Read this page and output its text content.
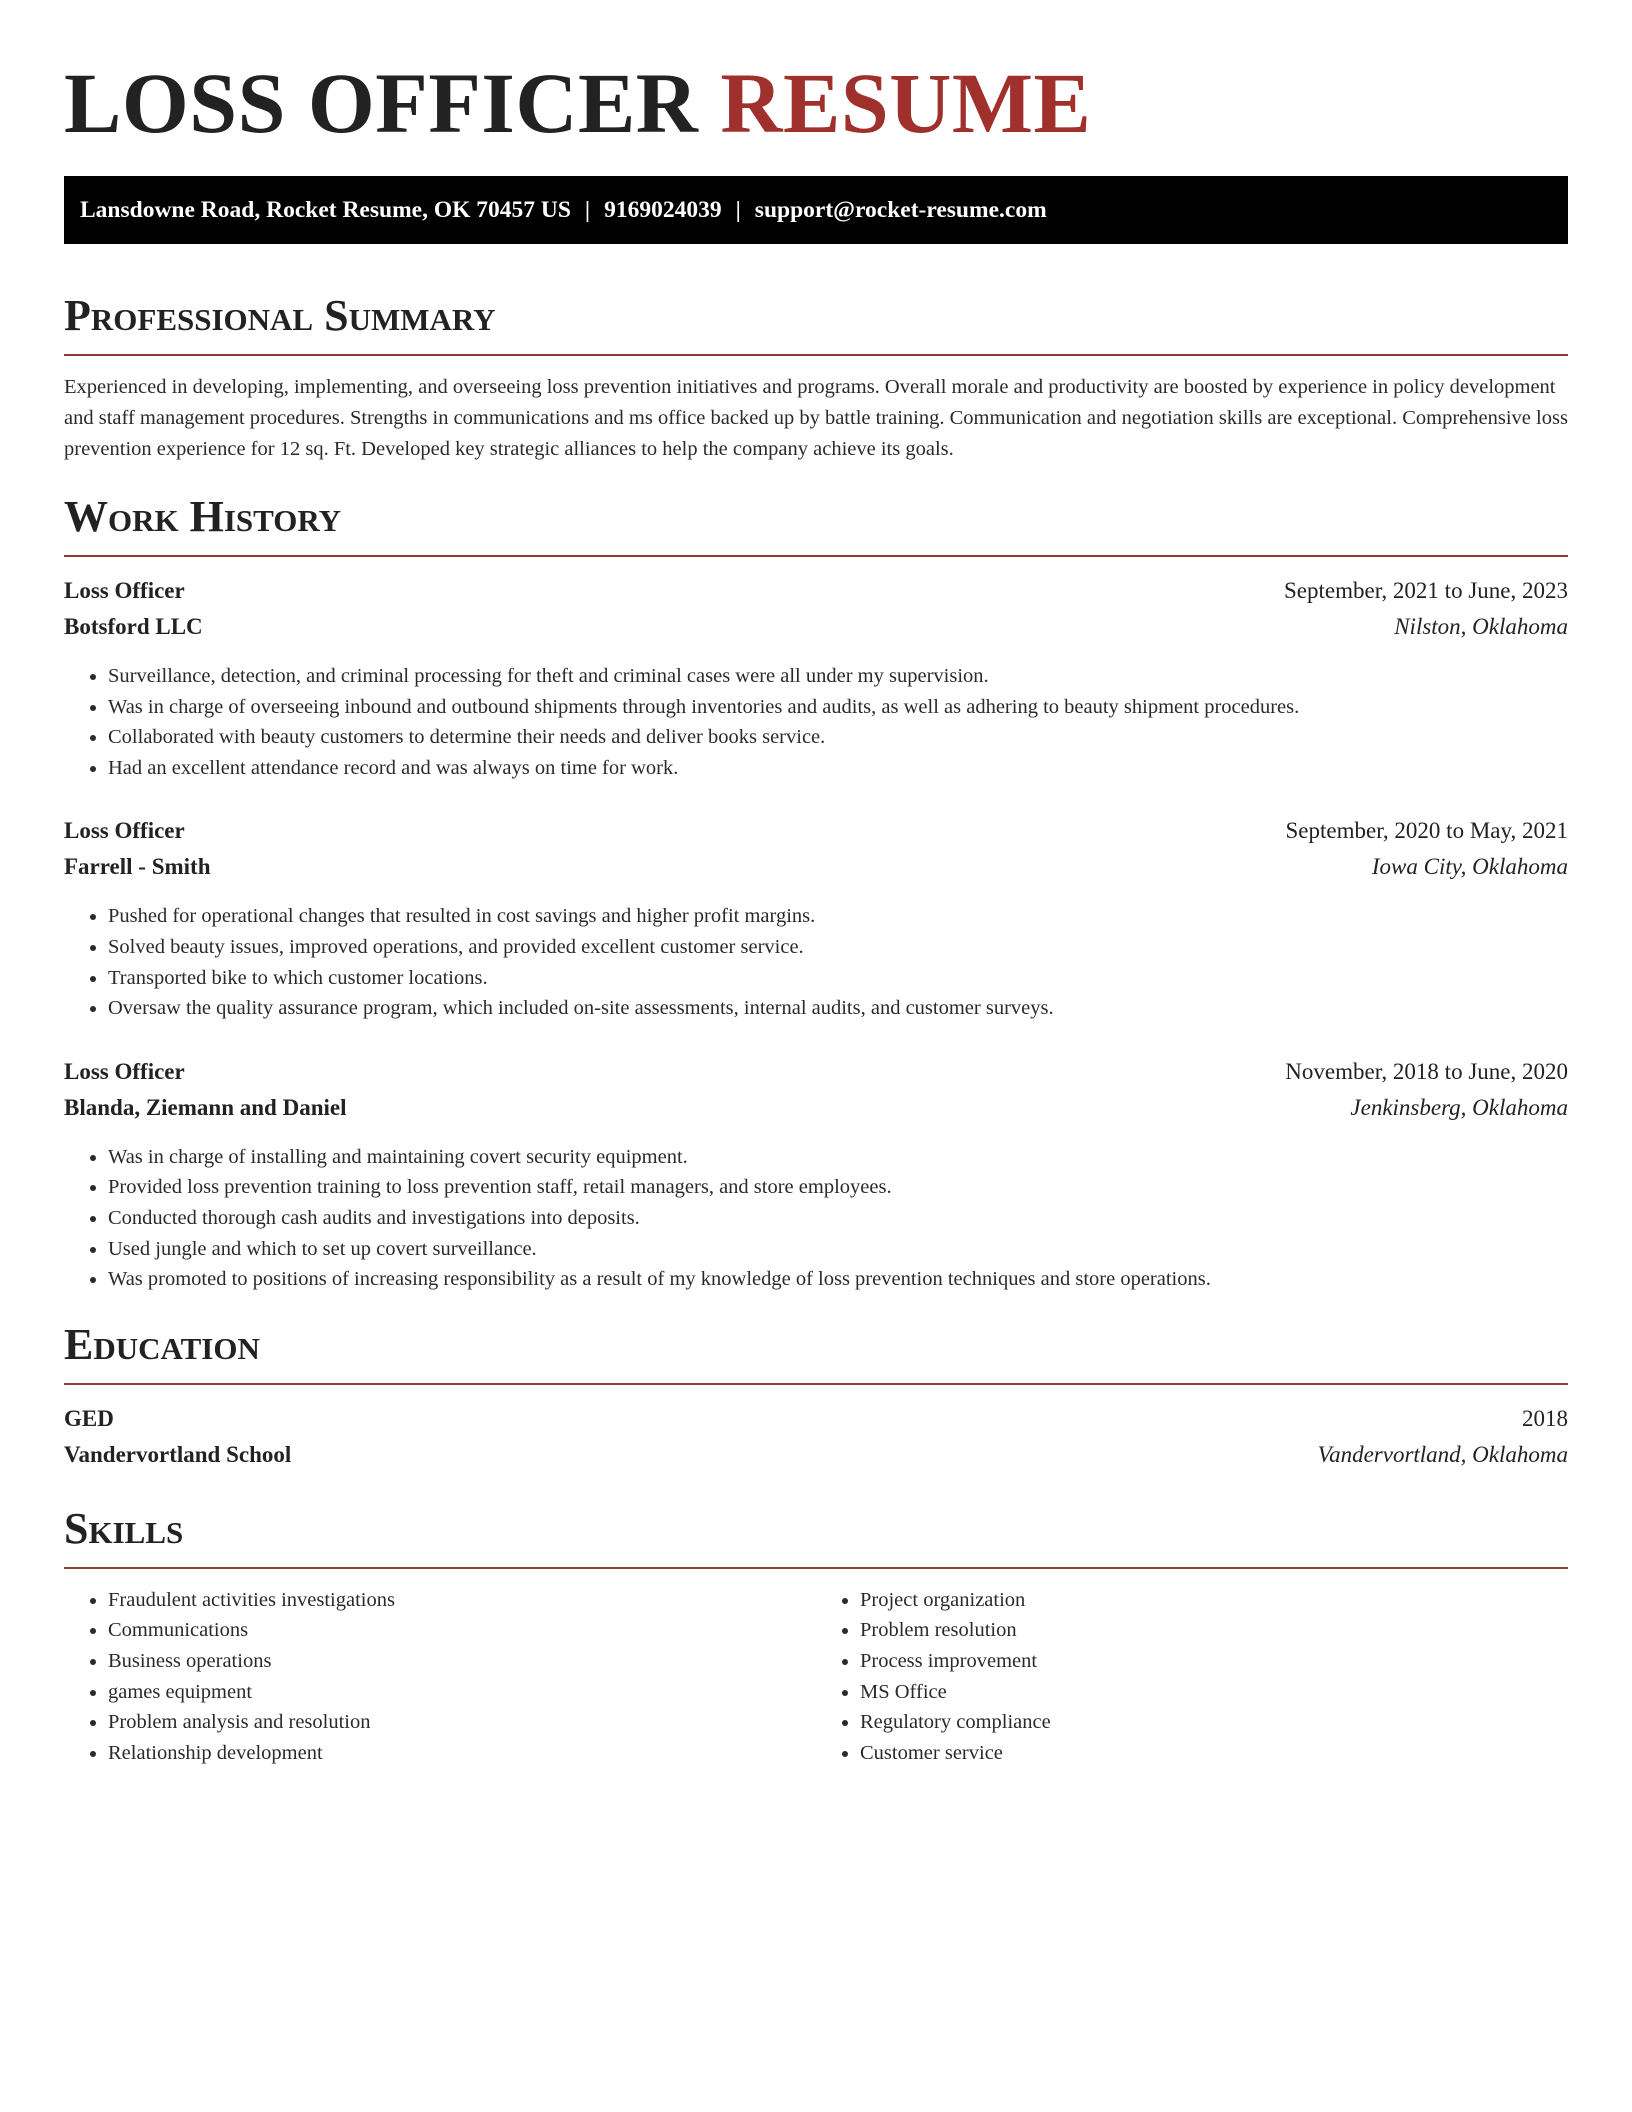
LOSS OFFICER RESUME
Lansdowne Road, Rocket Resume, OK 70457 US | 9169024039 | support@rocket-resume.com
Professional Summary

Experienced in developing, implementing, and overseeing loss prevention initiatives and programs. Overall morale and productivity are boosted by experience in policy development and staff management procedures. Strengths in communications and ms office backed up by battle training. Communication and negotiation skills are exceptional. Comprehensive loss prevention experience for 12 sq. Ft. Developed key strategic alliances to help the company achieve its goals.

Work History
Loss Officer	September, 2021 to June, 2023
Botsford LLC	Nilston, Oklahoma
• Surveillance, detection, and criminal processing for theft and criminal cases were all under my supervision.
• Was in charge of overseeing inbound and outbound shipments through inventories and audits, as well as adhering to beauty shipment procedures.
• Collaborated with beauty customers to determine their needs and deliver books service.
• Had an excellent attendance record and was always on time for work.
Loss Officer	September, 2020 to May, 2021
Farrell - Smith	Iowa City, Oklahoma
• Pushed for operational changes that resulted in cost savings and higher profit margins.
• Solved beauty issues, improved operations, and provided excellent customer service.
• Transported bike to which customer locations.
• Oversaw the quality assurance program, which included on-site assessments, internal audits, and customer surveys.
Loss Officer	November, 2018 to June, 2020
Blanda, Ziemann and Daniel	Jenkinsberg, Oklahoma
• Was in charge of installing and maintaining covert security equipment.
• Provided loss prevention training to loss prevention staff, retail managers, and store employees.
• Conducted thorough cash audits and investigations into deposits.
• Used jungle and which to set up covert surveillance.
• Was promoted to positions of increasing responsibility as a result of my knowledge of loss prevention techniques and store operations.
Education
GED	2018
Vandervortland School	Vandervortland, Oklahoma
Skills
• Fraudulent activities investigations
• Communications
• Business operations
• games equipment
• Problem analysis and resolution
• Relationship development
• Project organization
• Problem resolution
• Process improvement
• MS Office
• Regulatory compliance
• Customer service
